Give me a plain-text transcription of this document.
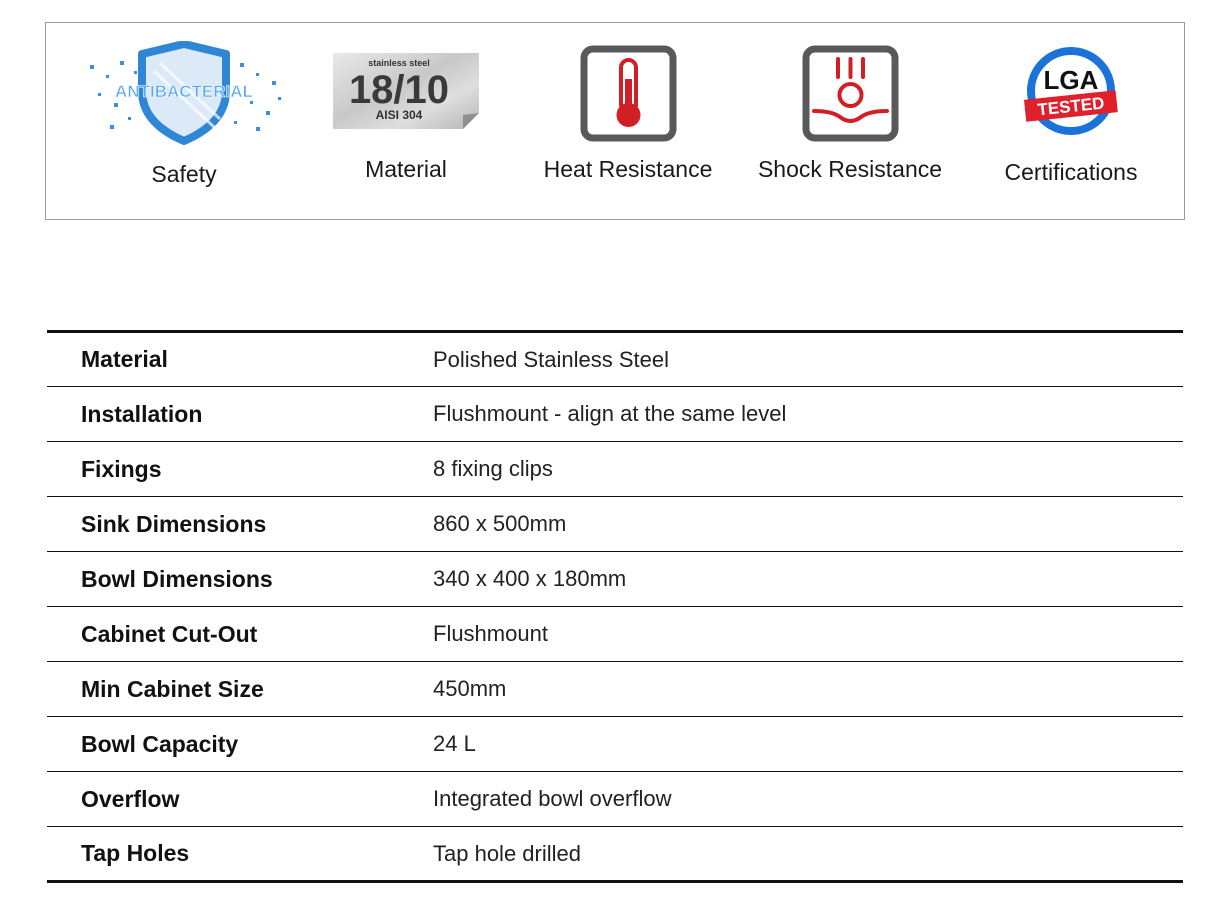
ANTIBACTERIAL
Safety
stainless steel
18/10
AISI 304
Material	Heat Resistance	Shock Resistance
LGA
TESTED
Certifications
Material	Polished Stainless Steel
Installation	Flushmount - align at the same level
Fixings	8 fixing clips
Sink Dimensions	860 x 500mm
Bowl Dimensions	340 x 400 x 180mm
Cabinet Cut-Out	Flushmount
Min Cabinet Size	450mm
Bowl Capacity	24 L
Overflow	Integrated bowl overflow
Tap Holes	Tap hole drilled
